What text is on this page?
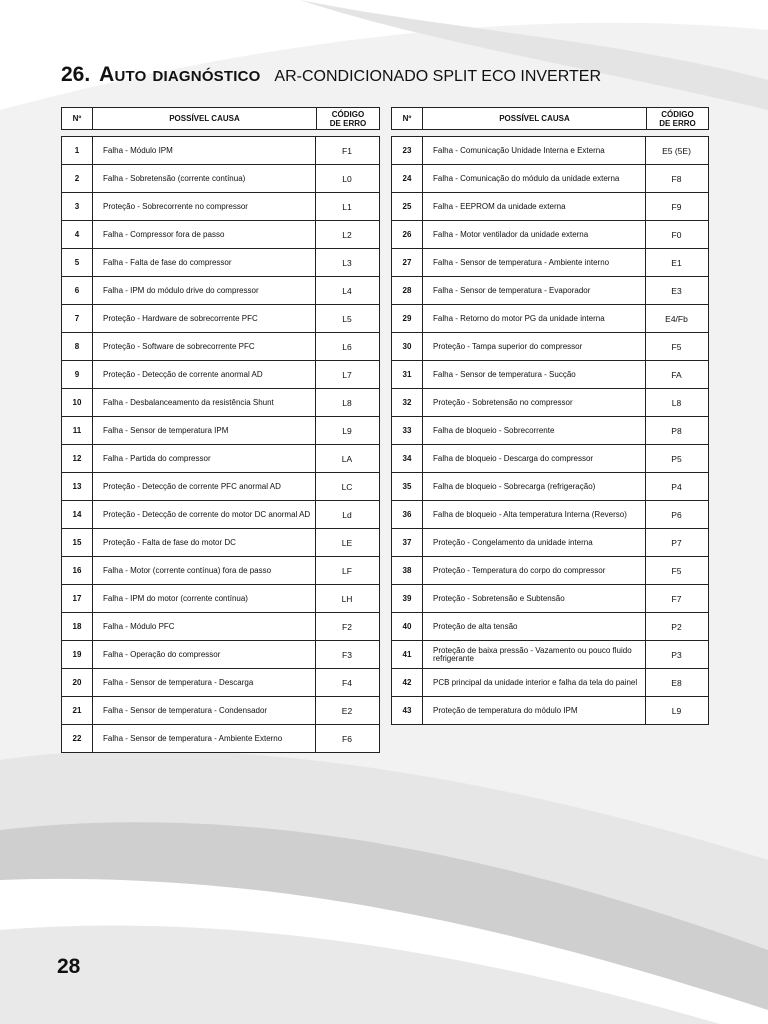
26. Auto diagnóstico AR-CONDICIONADO SPLIT ECO INVERTER
Nº	POSSÍVEL CAUSA	CÓDIGO
DE ERRO
1	Falha - Módulo IPM	F1
2	Falha - Sobretensão (corrente contínua)	L0
3	Proteção - Sobrecorrente no compressor	L1
4	Falha - Compressor fora de passo	L2
5	Falha - Falta de fase do compressor	L3
6	Falha - IPM do módulo drive do compressor	L4
7	Proteção - Hardware de sobrecorrente PFC	L5
8	Proteção - Software de sobrecorrente PFC	L6
9	Proteção - Detecção de corrente anormal AD	L7
10	Falha - Desbalanceamento da resistência Shunt	L8
11	Falha - Sensor de temperatura IPM	L9
12	Falha - Partida do compressor	LA
13	Proteção - Detecção de corrente PFC anormal AD	LC
14	Proteção - Detecção de corrente do motor DC anormal AD	Ld
15	Proteção - Falta de fase do motor DC	LE
16	Falha - Motor (corrente contínua) fora de passo	LF
17	Falha - IPM do motor (corrente contínua)	LH
18	Falha - Módulo PFC	F2
19	Falha - Operação do compressor	F3
20	Falha - Sensor de temperatura - Descarga	F4
21	Falha - Sensor de temperatura - Condensador	E2
22	Falha - Sensor de temperatura - Ambiente Externo	F6
Nº	POSSÍVEL CAUSA	CÓDIGO
DE ERRO
23	Falha - Comunicação Unidade Interna e Externa	E5 (5E)
24	Falha - Comunicação do módulo da unidade externa	F8
25	Falha - EEPROM da unidade externa	F9
26	Falha - Motor ventilador da unidade externa	F0
27	Falha - Sensor de temperatura - Ambiente interno	E1
28	Falha - Sensor de temperatura - Evaporador	E3
29	Falha - Retorno do motor PG da unidade interna	E4/Fb
30	Proteção - Tampa superior do compressor	F5
31	Falha - Sensor de temperatura - Sucção	FA
32	Proteção - Sobretensão no compressor	L8
33	Falha de bloqueio - Sobrecorrente	P8
34	Falha de bloqueio - Descarga do compressor	P5
35	Falha de bloqueio - Sobrecarga (refrigeração)	P4
36	Falha de bloqueio - Alta temperatura Interna (Reverso)	P6
37	Proteção - Congelamento da unidade interna	P7
38	Proteção - Temperatura do corpo do compressor	F5
39	Proteção - Sobretensão e Subtensão	F7
40	Proteção de alta tensão	P2
41	Proteção de baixa pressão - Vazamento ou pouco fluido refrigerante	P3
42	PCB principal da unidade interior e falha da tela do painel	E8
43	Proteção de temperatura do módulo IPM	L9

28
